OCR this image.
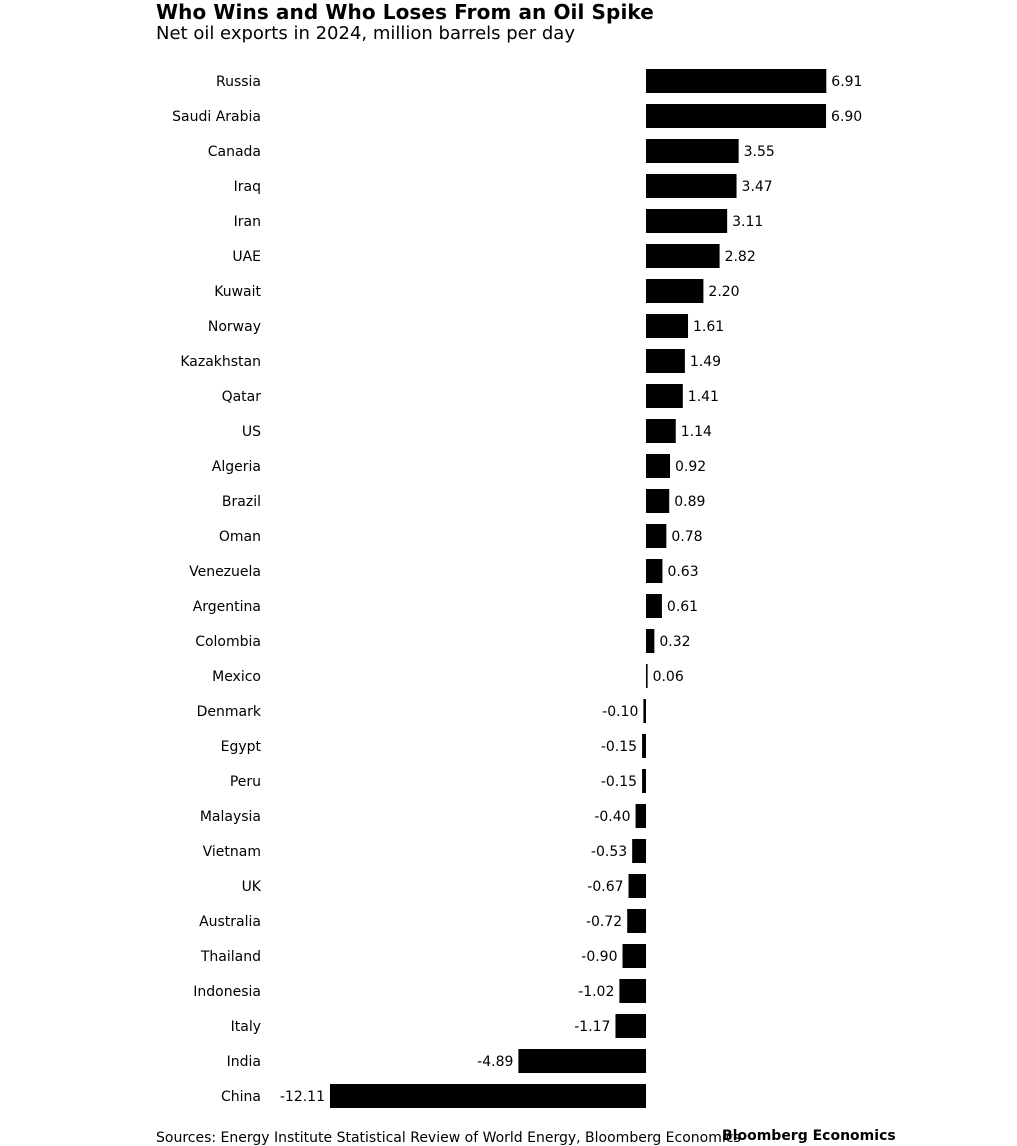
Who Wins and Who Loses From an Oil Spike
Net oil exports in 2024, million barrels per day
Russia	6.91
Saudi Arabia	6.90
Canada	3.55
Iraq	3.47
Iran	3.11
UAE	2.82
Kuwait	2.20
Norway	1.61
Kazakhstan	1.49
Qatar	1.41
US	1.14
Algeria	0.92
Brazil	0.89
Oman	0.78
Venezuela	0.63
Argentina	0.61
Colombia	0.32
Mexico	0.06
Denmark	-0.10
Egypt	-0.15
Peru	-0.15
Malaysia	-0.40
Vietnam	-0.53
UK	-0.67
Australia	-0.72
Thailand	-0.90
Indonesia	-1.02
Italy	-1.17
India	-4.89
China -12.11
Sources: Energy Institute Statistical Review of World Energy, Bloomberg Economics
Bloomberg Economics
